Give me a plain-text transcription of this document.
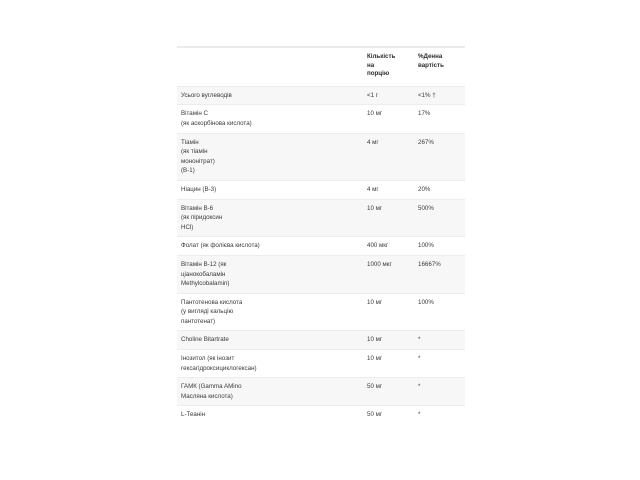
	Кількість
на
порцію	%Денна
вартість

Усього вуглеводів	<1 г	<1% †

Вітамін С
(як аскорбінова кислота)	10 мг	17%

Тіамін
(як тіамін
мононітрат)
(B-1)	4 мг	267%

Ніацин (B-3)	4 мг	20%

Вітамін B-6
(як піридоксин
HCl)	10 мг	500%

Фолат (як фолієва кислота)	400 мкг	100%

Вітамін B-12 (як
ціанокобаламін
Methylcobalamin)	1000 мкг	16667%

Пантотенова кислота
(у вигляді кальцію
пантотенат)	10 мг	100%

Choline Bitartrate	10 мг	*

Інозитол (як інозит
гексагідроксициклогексан)	10 мг	*

ГАМК (Gamma AMino
Масляна кислота)	50 мг	*

L-Теанін	50 мг	*
